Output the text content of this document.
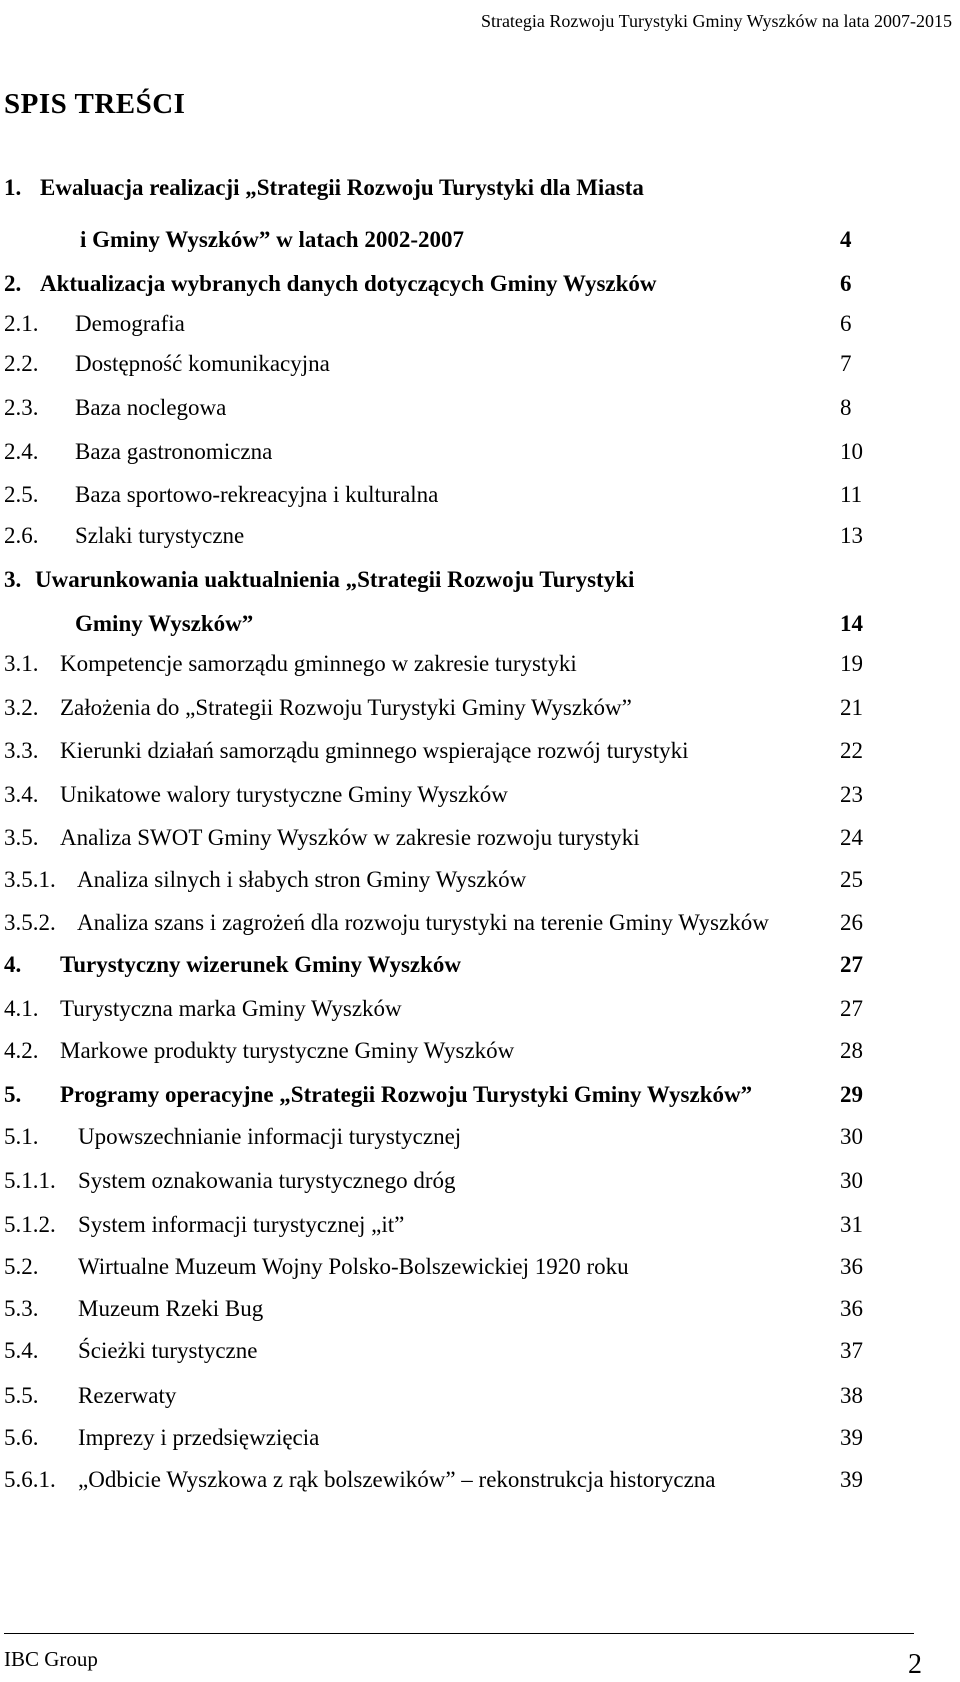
Strategia Rozwoju Turystyki Gminy Wyszków na lata 2007-2015
SPIS TREŚCI
1. Ewaluacja realizacji „Strategii Rozwoju Turystyki dla Miasta
i Gminy Wyszków” w latach 2002-2007	4
2. Aktualizacja wybranych danych dotyczących Gminy Wyszków	6
2.1. Demografia	6
2.2. Dostępność komunikacyjna	7
2.3. Baza noclegowa	8
2.4. Baza gastronomiczna	10
2.5. Baza sportowo-rekreacyjna i kulturalna	11
2.6. Szlaki turystyczne	13
3. Uwarunkowania uaktualnienia „Strategii Rozwoju Turystyki
Gminy Wyszków”	14
3.1. Kompetencje samorządu gminnego w zakresie turystyki	19
3.2. Założenia do „Strategii Rozwoju Turystyki Gminy Wyszków”	21
3.3. Kierunki działań samorządu gminnego wspierające rozwój turystyki	22
3.4. Unikatowe walory turystyczne Gminy Wyszków	23
3.5. Analiza SWOT Gminy Wyszków w zakresie rozwoju turystyki	24
3.5.1. Analiza silnych i słabych stron Gminy Wyszków	25
3.5.2. Analiza szans i zagrożeń dla rozwoju turystyki na terenie Gminy Wyszków	26
4. Turystyczny wizerunek Gminy Wyszków	27
4.1. Turystyczna marka Gminy Wyszków	27
4.2. Markowe produkty turystyczne Gminy Wyszków	28
5. Programy operacyjne „Strategii Rozwoju Turystyki Gminy Wyszków”	29
5.1. Upowszechnianie informacji turystycznej	30
5.1.1. System oznakowania turystycznego dróg	30
5.1.2. System informacji turystycznej „it”	31
5.2. Wirtualne Muzeum Wojny Polsko-Bolszewickiej 1920 roku	36
5.3. Muzeum Rzeki Bug	36
5.4. Ścieżki turystyczne	37
5.5. Rezerwaty	38
5.6. Imprezy i przedsięwzięcia	39
5.6.1. „Odbicie Wyszkowa z rąk bolszewików” – rekonstrukcja historyczna	39
IBC Group	2
